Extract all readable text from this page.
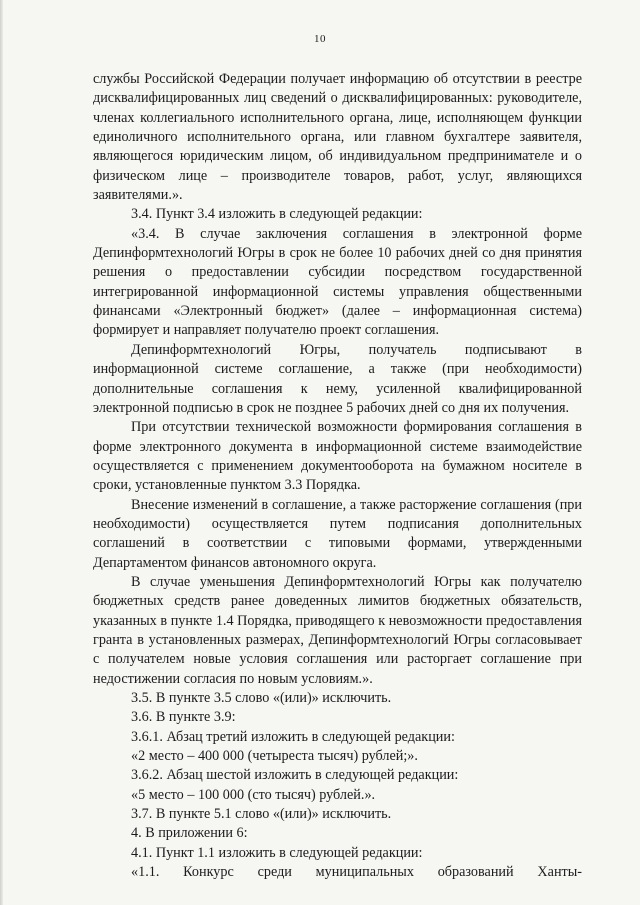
10

службы Российской Федерации получает информацию об отсутствии в реестре дисквалифицированных лиц сведений о дисквалифицированных: руководителе, членах коллегиального исполнительного органа, лице, исполняющем функции единоличного исполнительного органа, или главном бухгалтере заявителя, являющегося юридическим лицом, об индивидуальном предпринимателе и о физическом лице – производителе товаров, работ, услуг, являющихся заявителями.».

3.4. Пункт 3.4 изложить в следующей редакции:

«3.4. В случае заключения соглашения в электронной форме Депинформтехнологий Югры в срок не более 10 рабочих дней со дня принятия решения о предоставлении субсидии посредством государственной интегрированной информационной системы управления общественными финансами «Электронный бюджет» (далее – информационная система) формирует и направляет получателю проект соглашения.

Депинформтехнологий Югры, получатель подписывают в информационной системе соглашение, а также (при необходимости) дополнительные соглашения к нему, усиленной квалифицированной электронной подписью в срок не позднее 5 рабочих дней со дня их получения.

При отсутствии технической возможности формирования соглашения в форме электронного документа в информационной системе взаимодействие осуществляется с применением документооборота на бумажном носителе в сроки, установленные пунктом 3.3 Порядка.

Внесение изменений в соглашение, а также расторжение соглашения (при необходимости) осуществляется путем подписания дополнительных соглашений в соответствии с типовыми формами, утвержденными Департаментом финансов автономного округа.

В случае уменьшения Депинформтехнологий Югры как получателю бюджетных средств ранее доведенных лимитов бюджетных обязательств, указанных в пункте 1.4 Порядка, приводящего к невозможности предоставления гранта в установленных размерах, Депинформтехнологий Югры согласовывает с получателем новые условия соглашения или расторгает соглашение при недостижении согласия по новым условиям.».

3.5. В пункте 3.5 слово «(или)» исключить.

3.6. В пункте 3.9:

3.6.1. Абзац третий изложить в следующей редакции:

«2 место – 400 000 (четыреста тысяч) рублей;».

3.6.2. Абзац шестой изложить в следующей редакции:

«5 место – 100 000 (сто тысяч) рублей.».

3.7. В пункте 5.1 слово «(или)» исключить.

4. В приложении 6:

4.1. Пункт 1.1 изложить в следующей редакции:

«1.1. Конкурс среди муниципальных образований Ханты-
